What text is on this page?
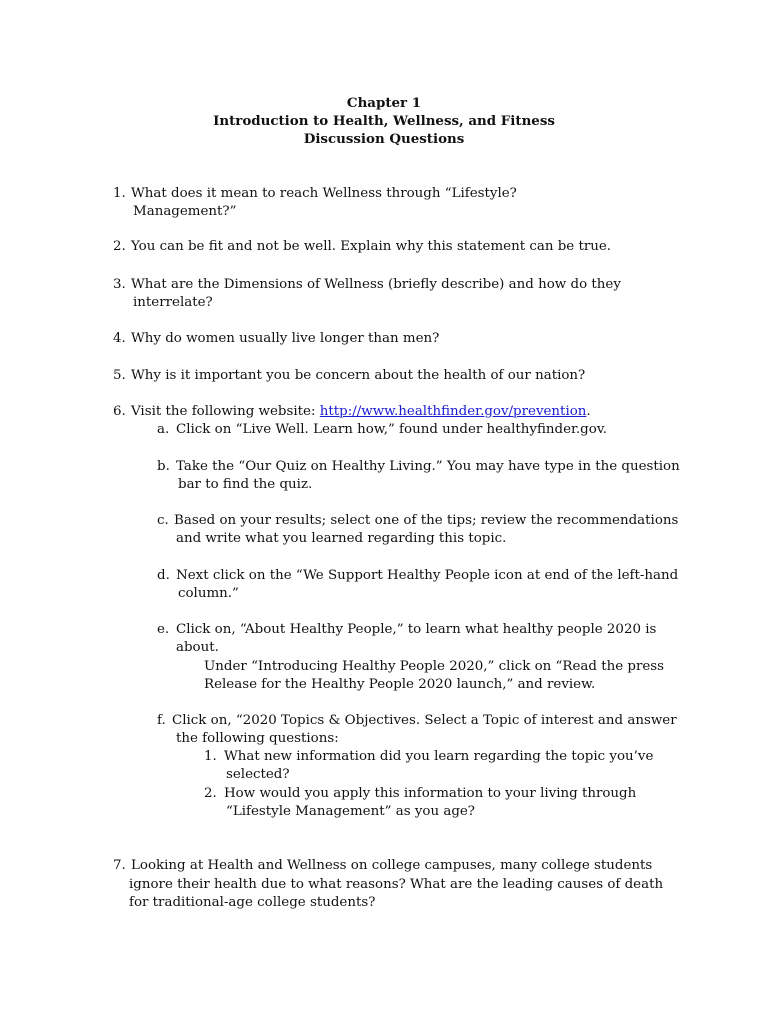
Chapter 1
Introduction to Health, Wellness, and Fitness
Discussion Questions
1. What does it mean to reach Wellness through “Lifestyle?
Management?”
2. You can be fit and not be well. Explain why this statement can be true.
3. What are the Dimensions of Wellness (briefly describe) and how do they
interrelate?
4. Why do women usually live longer than men?
5. Why is it important you be concern about the health of our nation?
6. Visit the following website: http://www.healthfinder.gov/prevention.
a. Click on “Live Well. Learn how,” found under healthyfinder.gov.
b. Take the “Our Quiz on Healthy Living.” You may have type in the question
bar to find the quiz.
c. Based on your results; select one of the tips; review the recommendations
and write what you learned regarding this topic.
d. Next click on the “We Support Healthy People icon at end of the left-hand
column.”
e. Click on, “About Healthy People,” to learn what healthy people 2020 is
about.
Under “Introducing Healthy People 2020,” click on “Read the press
Release for the Healthy People 2020 launch,” and review.
f. Click on, “2020 Topics & Objectives. Select a Topic of interest and answer
the following questions:
1. What new information did you learn regarding the topic you’ve
selected?
2. How would you apply this information to your living through
“Lifestyle Management” as you age?
7. Looking at Health and Wellness on college campuses, many college students
ignore their health due to what reasons? What are the leading causes of death
for traditional-age college students?
